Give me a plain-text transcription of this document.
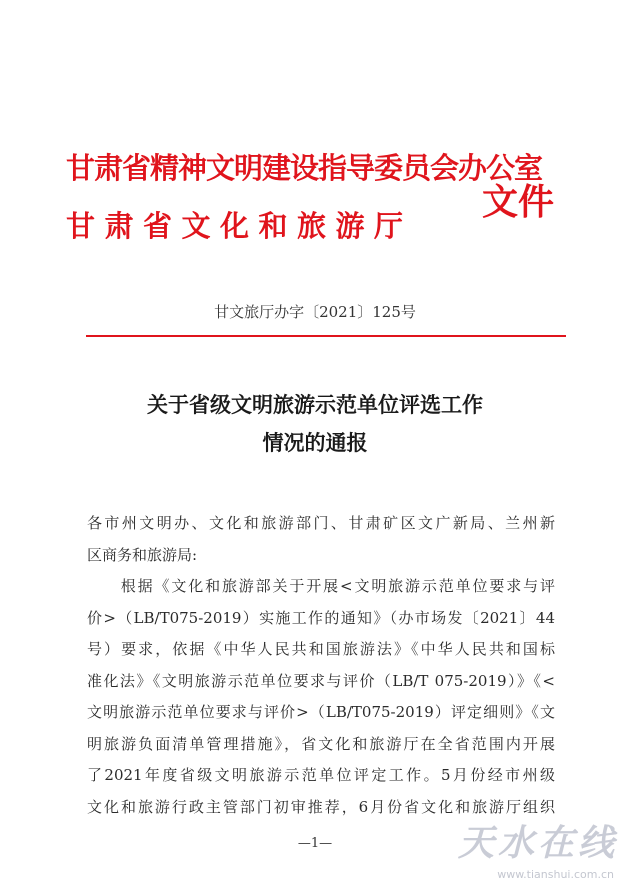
甘肃省精神文明建设指导委员会办公室
甘肃省文化和旅游厅
文件
甘文旅厅办字〔2021〕125号
关于省级文明旅游示范单位评选工作
情况的通报
各市州文明办、文化和旅游部门、甘肃矿区文广新局、兰州新
区商务和旅游局:
　　根据《文化和旅游部关于开展<文明旅游示范单位要求与评
价>（LB/T075-2019）实施工作的通知》（办市场发〔2021〕44
号）要求，依据《中华人民共和国旅游法》《中华人民共和国标
准化法》《文明旅游示范单位要求与评价（LB/T 075-2019）》《<
文明旅游示范单位要求与评价>（LB/T075-2019）评定细则》《文
明旅游负面清单管理措施》，省文化和旅游厅在全省范围内开展
了2021年度省级文明旅游示范单位评定工作。5月份经市州级
文化和旅游行政主管部门初审推荐，6月份省文化和旅游厅组织
—1—	天水在线
www.tianshui.com.cn
